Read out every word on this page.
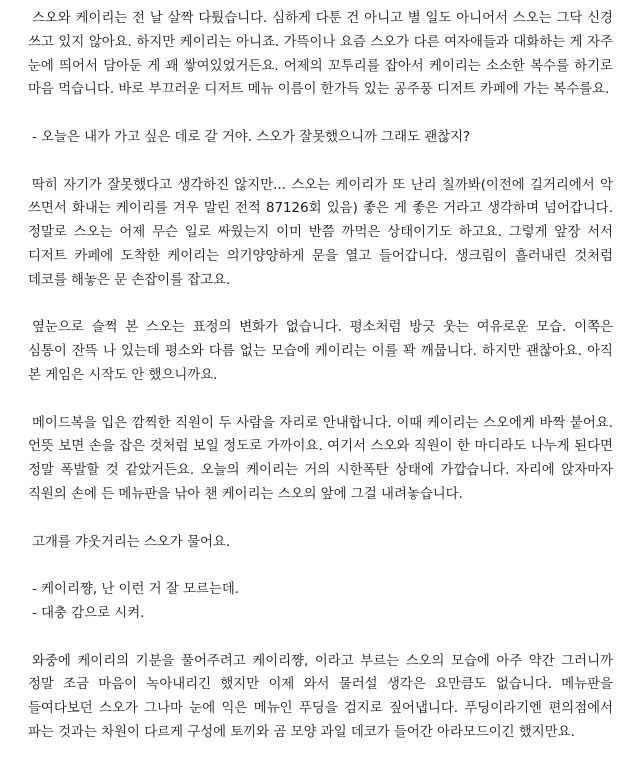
스오와 케이리는 전 날 살짝 다퉜습니다. 심하게 다툰 건 아니고 별 일도 아니어서 스오는 그닥 신경 쓰고 있지 않아요. 하지만 케이리는 아니죠. 가뜩이나 요즘 스오가 다른 여자애들과 대화하는 게 자주 눈에 띄어서 담아둔 게 꽤 쌓여있었거든요. 어제의 꼬투리를 잡아서 케이리는 소소한 복수를 하기로 마음 먹습니다. 바로 부끄러운 디저트 메뉴 이름이 한가득 있는 공주풍 디저트 카페에 가는 복수를요.

- 오늘은 내가 가고 싶은 데로 갈 거야. 스오가 잘못했으니까 그래도 괜찮지?

딱히 자기가 잘못했다고 생각하진 않지만... 스오는 케이리가 또 난리 칠까봐(이전에 길거리에서 악 쓰면서 화내는 케이리를 겨우 말린 전적 87126회 있음) 좋은 게 좋은 거라고 생각하며 넘어갑니다. 정말로 스오는 어제 무슨 일로 싸웠는지 이미 반쯤 까먹은 상태이기도 하고요. 그렇게 앞장 서서 디저트 카페에 도착한 케이리는 의기양양하게 문을 열고 들어갑니다. 생크림이 흘러내린 것처럼 데코를 해놓은 문 손잡이를 잡고요.

옆눈으로 슬쩍 본 스오는 표정의 변화가 없습니다. 평소처럼 방긋 웃는 여유로운 모습. 이쪽은 심통이 잔뜩 나 있는데 평소와 다름 없는 모습에 케이리는 이를 꽉 깨뭅니다. 하지만 괜찮아요. 아직 본 게임은 시작도 안 했으니까요.

메이드복을 입은 깜찍한 직원이 두 사람을 자리로 안내합니다. 이때 케이리는 스오에게 바짝 붙어요. 언뜻 보면 손을 잡은 것처럼 보일 정도로 가까이요. 여기서 스오와 직원이 한 마디라도 나누게 된다면 정말 폭발할 것 같았거든요. 오늘의 케이리는 거의 시한폭탄 상태에 가깝습니다. 자리에 앉자마자 직원의 손에 든 메뉴판을 낚아 챈 케이리는 스오의 앞에 그걸 내려놓습니다.

고개를 갸웃거리는 스오가 물어요.

- 케이리쨩, 난 이런 거 잘 모르는데.
- 대충 감으로 시켜.

와중에 케이리의 기분을 풀어주려고 케이리쨩, 이라고 부르는 스오의 모습에 아주 약간 그러니까 정말 조금 마음이 녹아내리긴 했지만 이제 와서 물러설 생각은 요만큼도 없습니다. 메뉴판을 들여다보던 스오가 그나마 눈에 익은 메뉴인 푸딩을 검지로 짚어냅니다. 푸딩이라기엔 편의점에서 파는 것과는 차원이 다르게 구성에 토끼와 곰 모양 과일 데코가 들어간 아라모드이긴 했지만요.
